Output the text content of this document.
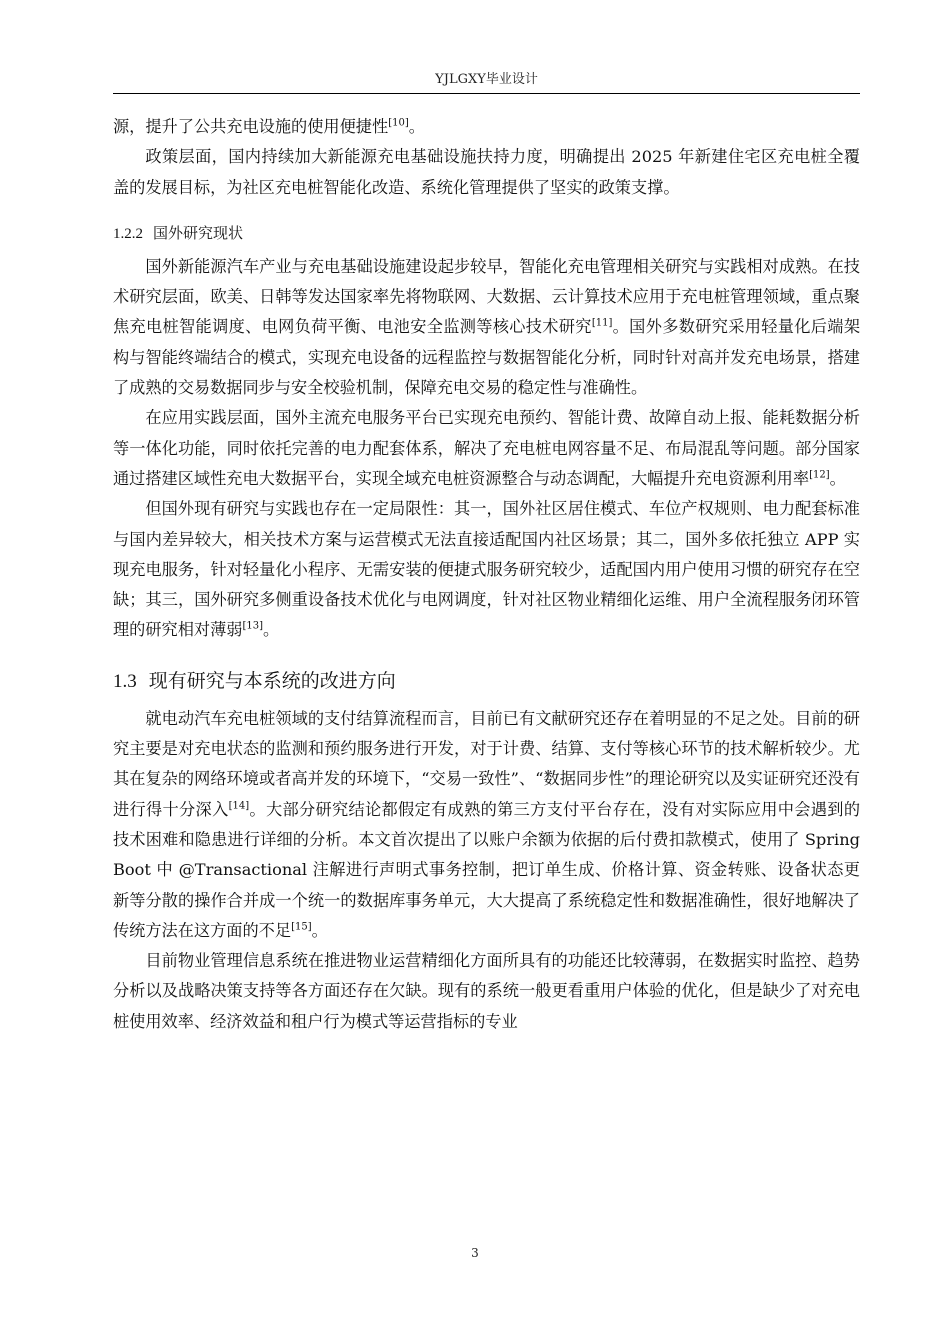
YJLGXY毕业设计

源，提升了公共充电设施的使用便捷性[10]。

政策层面，国内持续加大新能源充电基础设施扶持力度，明确提出 2025 年新建住宅区充电桩全覆盖的发展目标，为社区充电桩智能化改造、系统化管理提供了坚实的政策支撑。

1.2.2 国外研究现状

国外新能源汽车产业与充电基础设施建设起步较早，智能化充电管理相关研究与实践相对成熟。在技术研究层面，欧美、日韩等发达国家率先将物联网、大数据、云计算技术应用于充电桩管理领域，重点聚焦充电桩智能调度、电网负荷平衡、电池安全监测等核心技术研究[11]。国外多数研究采用轻量化后端架构与智能终端结合的模式，实现充电设备的远程监控与数据智能化分析，同时针对高并发充电场景，搭建了成熟的交易数据同步与安全校验机制，保障充电交易的稳定性与准确性。

在应用实践层面，国外主流充电服务平台已实现充电预约、智能计费、故障自动上报、能耗数据分析等一体化功能，同时依托完善的电力配套体系，解决了充电桩电网容量不足、布局混乱等问题。部分国家通过搭建区域性充电大数据平台，实现全域充电桩资源整合与动态调配，大幅提升充电资源利用率[12]。

但国外现有研究与实践也存在一定局限性：其一，国外社区居住模式、车位产权规则、电力配套标准与国内差异较大，相关技术方案与运营模式无法直接适配国内社区场景；其二，国外多依托独立 APP 实现充电服务，针对轻量化小程序、无需安装的便捷式服务研究较少，适配国内用户使用习惯的研究存在空缺；其三，国外研究多侧重设备技术优化与电网调度，针对社区物业精细化运维、用户全流程服务闭环管理的研究相对薄弱[13]。

1.3 现有研究与本系统的改进方向

就电动汽车充电桩领域的支付结算流程而言，目前已有文献研究还存在着明显的不足之处。目前的研究主要是对充电状态的监测和预约服务进行开发，对于计费、结算、支付等核心环节的技术解析较少。尤其在复杂的网络环境或者高并发的环境下，“交易一致性”、“数据同步性”的理论研究以及实证研究还没有进行得十分深入[14]。大部分研究结论都假定有成熟的第三方支付平台存在，没有对实际应用中会遇到的技术困难和隐患进行详细的分析。本文首次提出了以账户余额为依据的后付费扣款模式，使用了 Spring Boot 中 @Transactional 注解进行声明式事务控制，把订单生成、价格计算、资金转账、设备状态更新等分散的操作合并成一个统一的数据库事务单元，大大提高了系统稳定性和数据准确性，很好地解决了传统方法在这方面的不足[15]。

目前物业管理信息系统在推进物业运营精细化方面所具有的功能还比较薄弱，在数据实时监控、趋势分析以及战略决策支持等各方面还存在欠缺。现有的系统一般更看重用户体验的优化，但是缺少了对充电桩使用效率、经济效益和租户行为模式等运营指标的专业

3
